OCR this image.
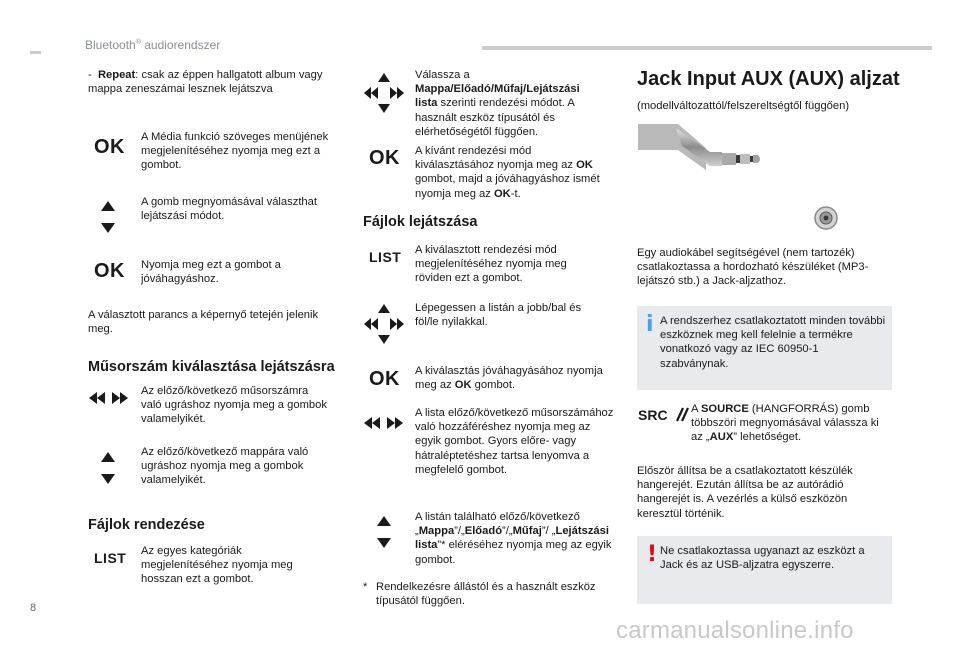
Bluetooth® audiorendszer
- Repeat: csak az éppen hallgatott album vagy mappa zeneszámai lesznek lejátszva
OK A Média funkció szöveges menüjének megjelenítéséhez nyomja meg ezt a gombot.
A gomb megnyomásával választhat lejátszási módot.
OK Nyomja meg ezt a gombot a jóváhagyáshoz.
A választott parancs a képernyő tetején jelenik meg.
Műsorszám kiválasztása lejátszásra
Az előző/következő műsorszámra való ugráshoz nyomja meg a gombok valamelyikét.
Az előző/következő mappára való ugráshoz nyomja meg a gombok valamelyikét.
Fájlok rendezése
LIST Az egyes kategóriák megjelenítéséhez nyomja meg hosszan ezt a gombot.
Válassza a Mappa/Előadó/Műfaj/Lejátszási lista szerinti rendezési módot. A használt eszköz típusától és elérhetőségétől függően.
OK A kívánt rendezési mód kiválasztásához nyomja meg az OK gombot, majd a jóváhagyáshoz ismét nyomja meg az OK-t.
Fájlok lejátszása
LIST A kiválasztott rendezési mód megjelenítéséhez nyomja meg röviden ezt a gombot.
Lépegessen a listán a jobb/bal és föl/le nyilakkal.
OK A kiválasztás jóváhagyásához nyomja meg az OK gombot.
A lista előző/következő műsorszámához való hozzáféréshez nyomja meg az egyik gombot. Gyors előre- vagy hátraléptetéshez tartsa lenyomva a megfelelő gombot.
A listán található előző/következő „Mappa”/„Előadó”/„Műfaj”/ „Lejátszási lista”* eléréséhez nyomja meg az egyik gombot.
* Rendelkezésre állástól és a használt eszköz típusától függően.
Jack Input AUX (AUX) aljzat
(modellváltozattól/felszereltségtől függően)
Egy audiokábel segítségével (nem tartozék) csatlakoztassa a hordozható készüléket (MP3-lejátszó stb.) a Jack-aljzathoz.
i A rendszerhez csatlakoztatott minden további eszköznek meg kell felelnie a termékre vonatkozó vagy az IEC 60950-1 szabványnak.
SRC	A SOURCE (HANGFORRÁS) gomb többszöri megnyomásával válassza ki az „AUX” lehetőséget.
Először állítsa be a csatlakoztatott készülék hangerejét. Ezután állítsa be az autórádió hangerejét is. A vezérlés a külső eszközön keresztül történik.
! Ne csatlakoztassa ugyanazt az eszközt a Jack és az USB-aljzatra egyszerre.
8
carmanualsonline.info
